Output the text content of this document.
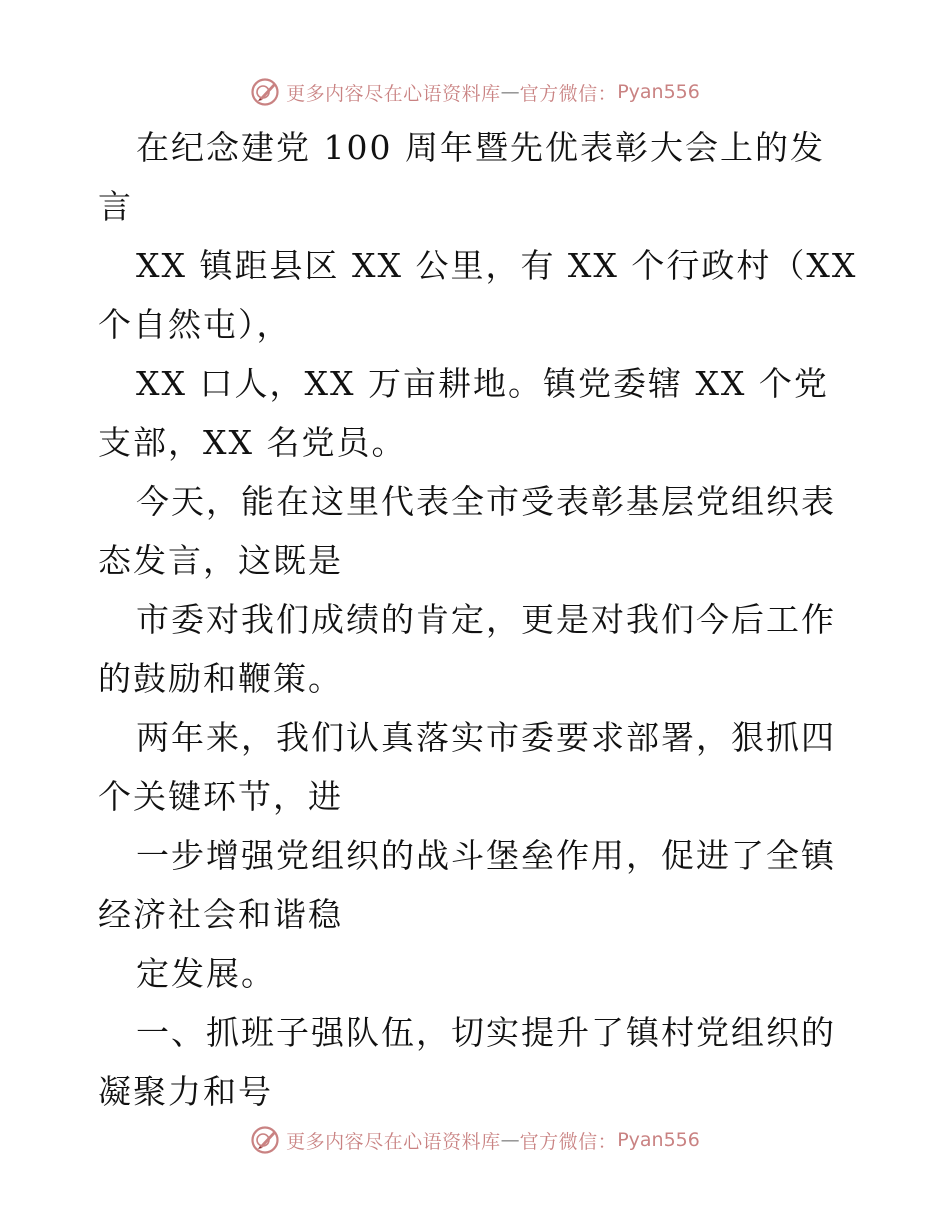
更多内容尽在心语资料库 — 官方微信： Pyan556

在纪念建党 100 周年暨先优表彰大会上的发言

XX 镇距县区 XX 公里，有 XX 个行政村（XX 个自然屯），

XX 口人，XX 万亩耕地。镇党委辖 XX 个党支部，XX 名党员。

今天，能在这里代表全市受表彰基层党组织表态发言，这既是

市委对我们成绩的肯定，更是对我们今后工作的鼓励和鞭策。

两年来，我们认真落实市委要求部署，狠抓四个关键环节，进

一步增强党组织的战斗堡垒作用，促进了全镇经济社会和谐稳

定发展。

一、抓班子强队伍，切实提升了镇村党组织的凝聚力和号

更多内容尽在心语资料库 — 官方微信： Pyan556
